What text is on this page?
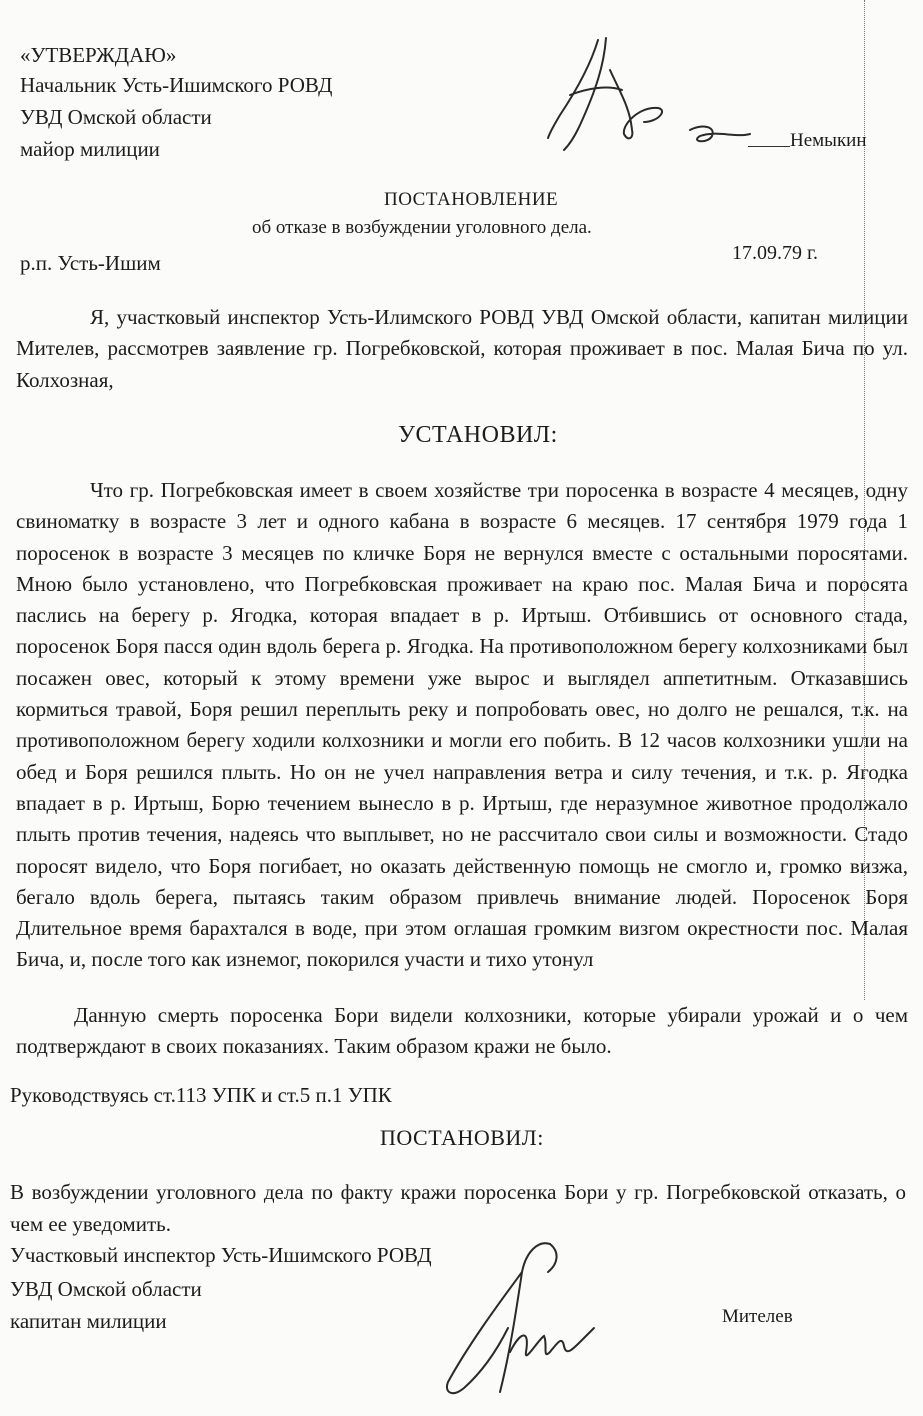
«УТВЕРЖДАЮ»
Начальник Усть-Ишимского РОВД
УВД Омской области
майор милиции	Немыкин
ПОСТАНОВЛЕНИЕ
об отказе в возбуждении уголовного дела.
р.п. Усть-Ишим	17.09.79 г.
Я, участковый инспектор Усть-Илимского РОВД УВД Омской области, капитан милиции Мителев, рассмотрев заявление гр. Погребковской, которая проживает в пос. Малая Бича по ул. Колхозная,
УСТАНОВИЛ:
Что гр. Погребковская имеет в своем хозяйстве три поросенка в возрасте 4 месяцев, одну свиноматку в возрасте 3 лет и одного кабана в возрасте 6 месяцев. 17 сентября 1979 года 1 поросенок в возрасте 3 месяцев по кличке Боря не вернулся вместе с остальными поросятами. Мною было установлено, что Погребковская проживает на краю пос. Малая Бича и поросята паслись на берегу р. Ягодка, которая впадает в р. Иртыш. Отбившись от основного стада, поросенок Боря пасся один вдоль берега р. Ягодка. На противоположном берегу колхозниками был посажен овес, который к этому времени уже вырос и выглядел аппетитным. Отказавшись кормиться травой, Боря решил переплыть реку и попробовать овес, но долго не решался, т.к. на противоположном берегу ходили колхозники и могли его побить. В 12 часов колхозники ушли на обед и Боря решился плыть. Но он не учел направления ветра и силу течения, и т.к. р. Ягодка впадает в р. Иртыш, Борю течением вынесло в р. Иртыш, где неразумное животное продолжало плыть против течения, надеясь что выплывет, но не рассчитало свои силы и возможности. Стадо поросят видело, что Боря погибает, но оказать действенную помощь не смогло и, громко визжа, бегало вдоль берега, пытаясь таким образом привлечь внимание людей. Поросенок Боря Длительное время барахтался в воде, при этом оглашая громким визгом окрестности пос. Малая Бича, и, после того как изнемог, покорился участи и тихо утонул
Данную смерть поросенка Бори видели колхозники, которые убирали урожай и о чем подтверждают в своих показаниях. Таким образом кражи не было.
Руководствуясь ст.113 УПК и ст.5 п.1 УПК
ПОСТАНОВИЛ:
В возбуждении уголовного дела по факту кражи поросенка Бори у гр. Погребковской отказать, о чем ее уведомить.
Участковый инспектор Усть-Ишимского РОВД
УВД Омской области
капитан милиции	Мителев
